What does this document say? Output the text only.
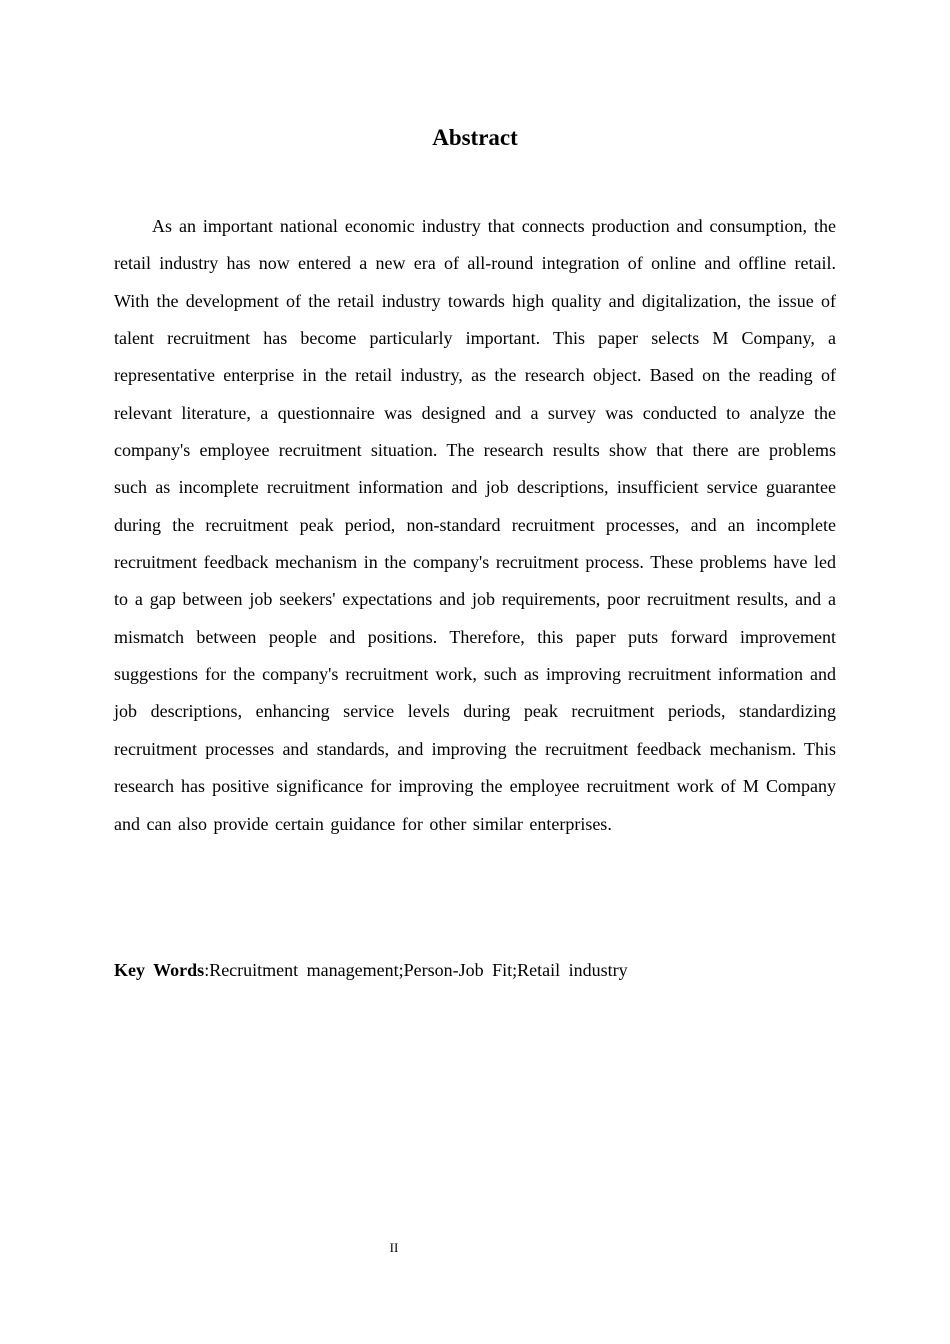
Abstract

As an important national economic industry that connects production and consumption, the retail industry has now entered a new era of all-round integration of online and offline retail. With the development of the retail industry towards high quality and digitalization, the issue of talent recruitment has become particularly important. This paper selects M Company, a representative enterprise in the retail industry, as the research object. Based on the reading of relevant literature, a questionnaire was designed and a survey was conducted to analyze the company's employee recruitment situation. The research results show that there are problems such as incomplete recruitment information and job descriptions, insufficient service guarantee during the recruitment peak period, non-standard recruitment processes, and an incomplete recruitment feedback mechanism in the company's recruitment process. These problems have led to a gap between job seekers' expectations and job requirements, poor recruitment results, and a mismatch between people and positions. Therefore, this paper puts forward improvement suggestions for the company's recruitment work, such as improving recruitment information and job descriptions, enhancing service levels during peak recruitment periods, standardizing recruitment processes and standards, and improving the recruitment feedback mechanism. This research has positive significance for improving the employee recruitment work of M Company and can also provide certain guidance for other similar enterprises.

Key Words:Recruitment management;Person-Job Fit;Retail industry

II
